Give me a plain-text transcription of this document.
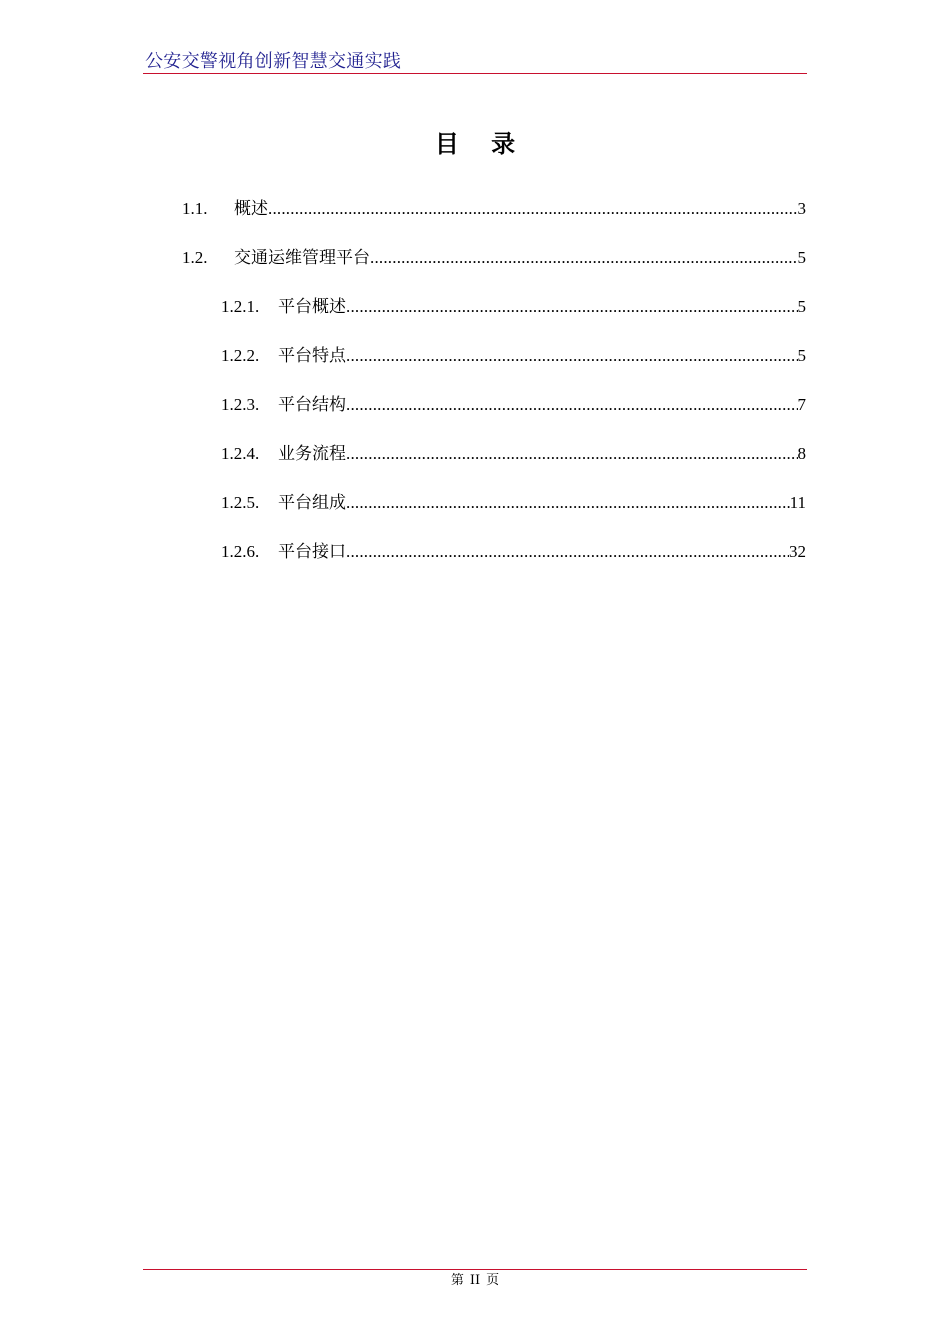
公安交警视角创新智慧交通实践
目 录
1.1.	概述 .....	3
1.2.	交通运维管理平台 .....	5
1.2.1.	平台概述 .....	5
1.2.2.	平台特点 .....	5
1.2.3.	平台结构 .....	7
1.2.4.	业务流程 .....	8
1.2.5.	平台组成 .....	11
1.2.6.	平台接口 .....	32
第 II 页
